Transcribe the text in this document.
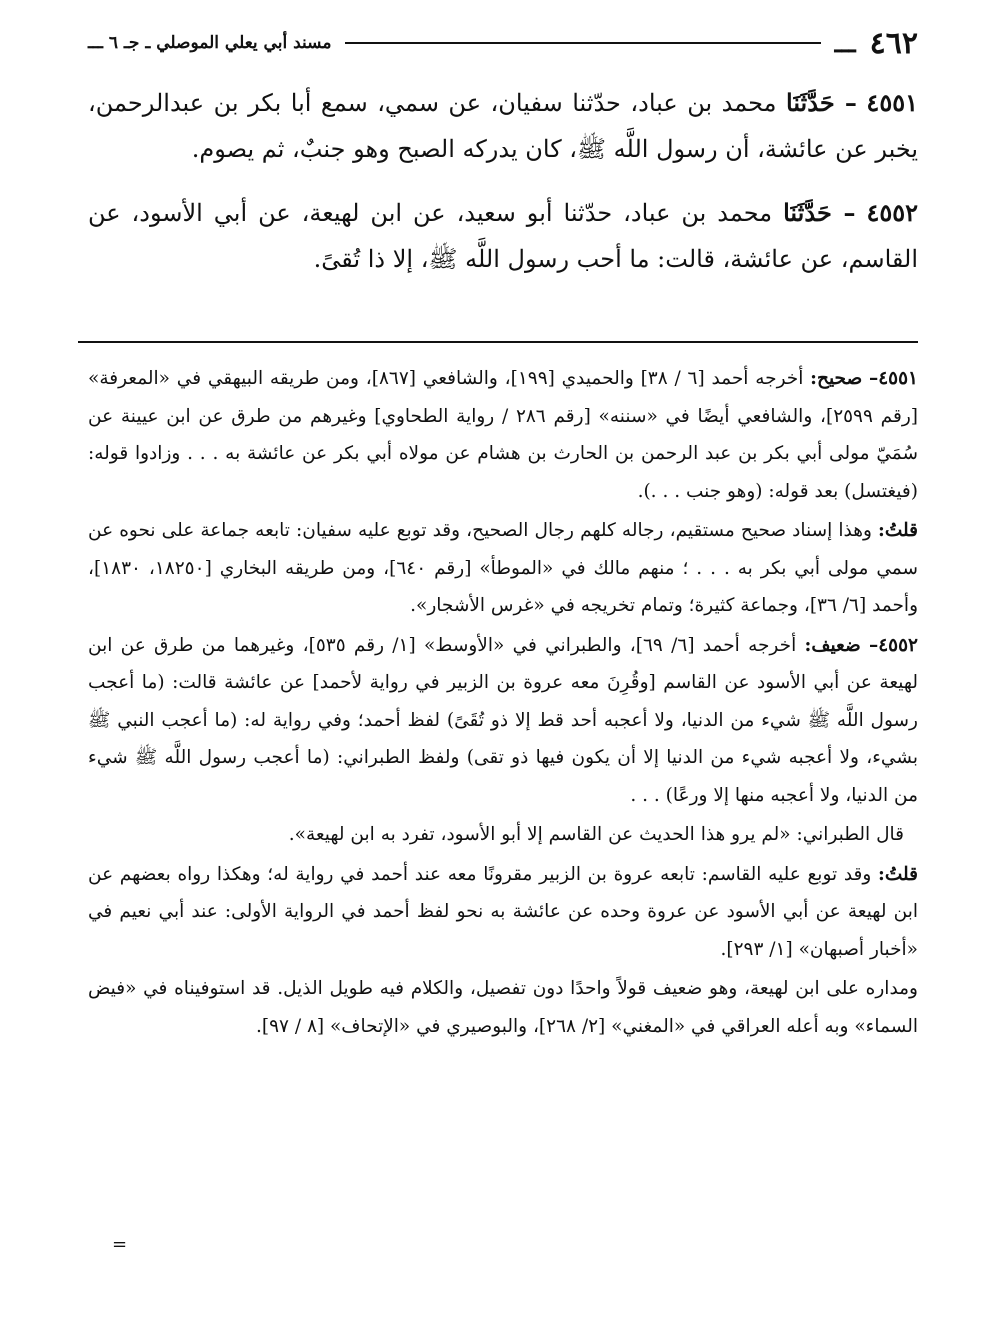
٤٦٢
ـــ
مسند أبي يعلي الموصلي ـ جـ ٦ ـــ

٤٥٥١ – حَدَّثَنَا محمد بن عباد، حدّثنا سفيان، عن سمي، سمع أبا بكر بن عبدالرحمن، يخبر عن عائشة، أن رسول اللَّه ﷺ، كان يدركه الصبح وهو جنبٌ، ثم يصوم.

٤٥٥٢ – حَدَّثَنَا محمد بن عباد، حدّثنا أبو سعيد، عن ابن لهيعة، عن أبي الأسود، عن القاسم، عن عائشة، قالت: ما أحب رسول اللَّه ﷺ، إلا ذا تُقىً.

٤٥٥١– صحيح: أخرجه أحمد [٦ / ٣٨] والحميدي [١٩٩]، والشافعي [٨٦٧]، ومن طريقه البيهقي في «المعرفة» [رقم ٢٥٩٩]، والشافعي أيضًا في «سننه» [رقم ٢٨٦ / رواية الطحاوي] وغيرهم من طرق عن ابن عيينة عن سُمَيّ مولى أبي بكر بن عبد الرحمن بن الحارث بن هشام عن مولاه أبي بكر عن عائشة به . . . وزادوا قوله: (فيغتسل) بعد قوله: (وهو جنب . . .).

قلتُ: وهذا إسناد صحيح مستقيم، رجاله كلهم رجال الصحيح، وقد توبع عليه سفيان: تابعه جماعة على نحوه عن سمي مولى أبي بكر به . . . ؛ منهم مالك في «الموطأ» [رقم ٦٤٠]، ومن طريقه البخاري [١٨٢٥٠، ١٨٣٠]، وأحمد [٦/ ٣٦]، وجماعة كثيرة؛ وتمام تخريجه في «غرس الأشجار».

٤٥٥٢– ضعيف: أخرجه أحمد [٦/ ٦٩]، والطبراني في «الأوسط» [١/ رقم ٥٣٥]، وغيرهما من طرق عن ابن لهيعة عن أبي الأسود عن القاسم [وقُرِنَ معه عروة بن الزبير في رواية لأحمد] عن عائشة قالت: (ما أعجب رسول اللَّه ﷺ شيء من الدنيا، ولا أعجبه أحد قط إلا ذو تُقَىً) لفظ أحمد؛ وفي رواية له: (ما أعجب النبي ﷺ بشيء، ولا أعجبه شيء من الدنيا إلا أن يكون فيها ذو تقى) ولفظ الطبراني: (ما أعجب رسول اللَّه ﷺ شيء من الدنيا، ولا أعجبه منها إلا ورعًا) . . .

قال الطبراني: «لم يرو هذا الحديث عن القاسم إلا أبو الأسود، تفرد به ابن لهيعة».

قلتُ: وقد توبع عليه القاسم: تابعه عروة بن الزبير مقرونًا معه عند أحمد في رواية له؛ وهكذا رواه بعضهم عن ابن لهيعة عن أبي الأسود عن عروة وحده عن عائشة به نحو لفظ أحمد في الرواية الأولى: عند أبي نعيم في «أخبار أصبهان» [١/ ٢٩٣].

ومداره على ابن لهيعة، وهو ضعيف قولاً واحدًا دون تفصيل، والكلام فيه طويل الذيل. قد استوفيناه في «فيض السماء» وبه أعله العراقي في «المغني» [٢/ ٢٦٨]، والبوصيري في «الإتحاف» [٨ / ٩٧].

=
